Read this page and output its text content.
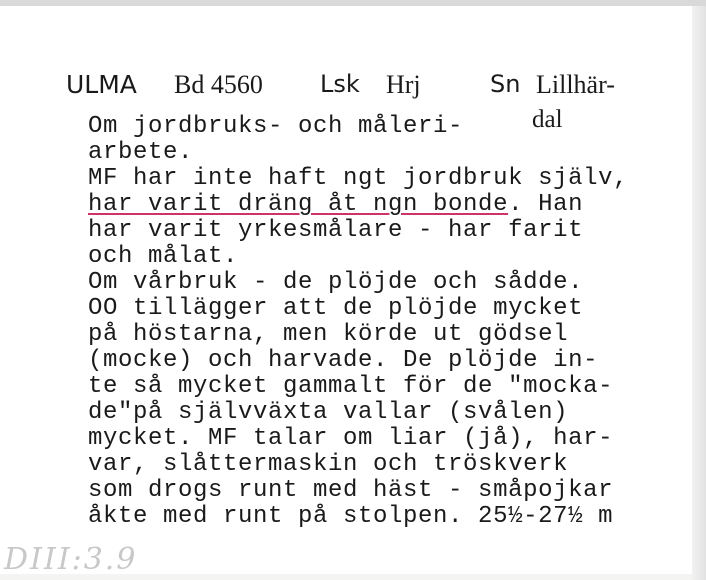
ULMA Bd 4560 Lsk Hrj	Sn Lillhär-
dal
Om jordbruks- och måleri-
arbete.
MF har inte haft ngt jordbruk själv,
har varit dräng åt ngn bonde. Han
har varit yrkesmålare - har farit
och målat.
Om vårbruk - de plöjde och sådde.
OO tillägger att de plöjde mycket
på höstarna, men körde ut gödsel
(mocke) och harvade. De plöjde in-
te så mycket gammalt för de "mocka-
de"på självväxta vallar (svålen)
mycket. MF talar om liar (jå), har-
var, slåttermaskin och tröskverk
som drogs runt med häst - småpojkar
åkte med runt på stolpen. 25½-27½ m
DIII:3.9
